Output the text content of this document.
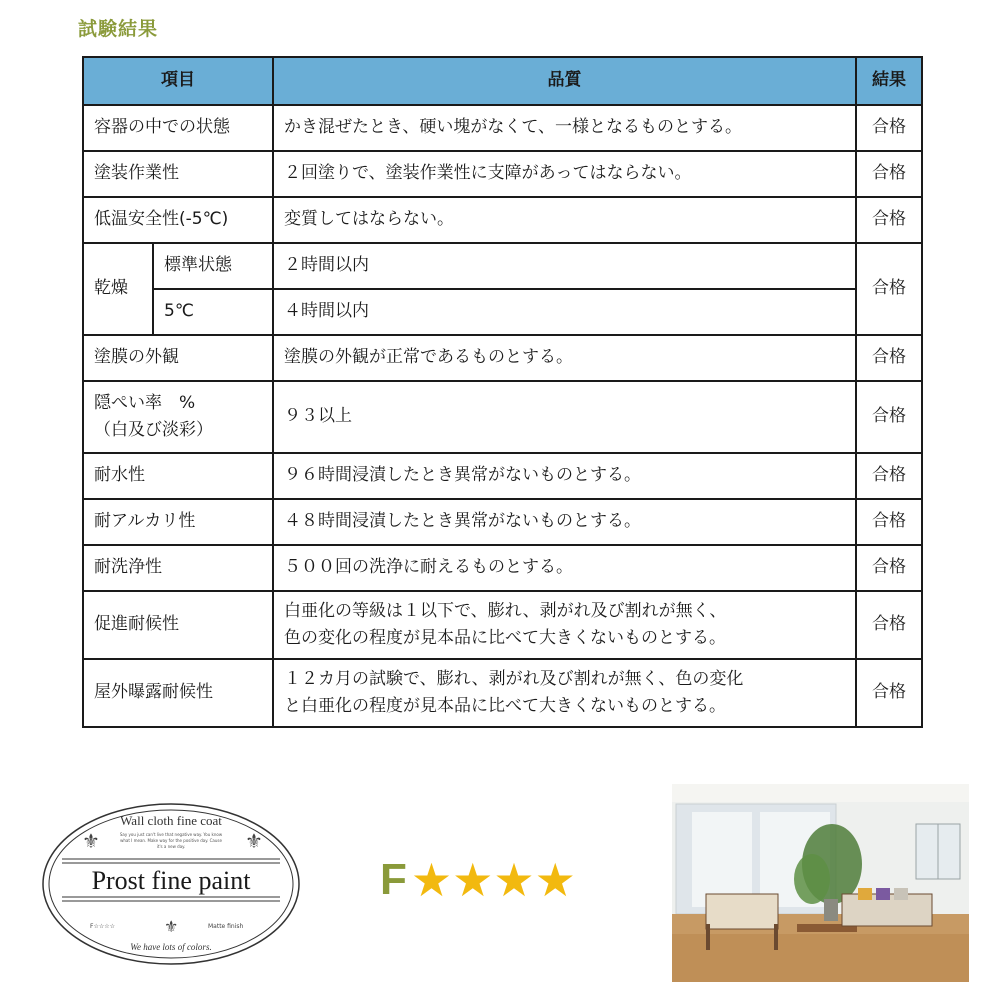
試験結果
項目		品質	結果
容器の中での状態		かき混ぜたとき、硬い塊がなくて、一様となるものとする。	合格
塗装作業性		２回塗りで、塗装作業性に支障があってはならない。	合格
低温安全性(-5℃)		変質してはならない。	合格
乾燥	標準状態	２時間以内	合格
	5℃	４時間以内	
塗膜の外観		塗膜の外観が正常であるものとする。	合格

隠ぺい率　%
（白及び淡彩）		９３以上	合格
耐水性		９６時間浸漬したとき異常がないものとする。	合格
耐アルカリ性		４８時間浸漬したとき異常がないものとする。	合格
耐洗浄性		５００回の洗浄に耐えるものとする。	合格
促進耐候性		白亜化の等級は１以下で、膨れ、剥がれ及び割れが無く、
色の変化の程度が見本品に比べて大きくないものとする。	合格
屋外曝露耐候性		１２カ月の試験で、膨れ、剥がれ及び割れが無く、色の変化
と白亜化の程度が見本品に比べて大きくないものとする。	合格
Wall cloth fine coat
⚜	⚜
Say you just can't live that negative way. You know
what I mean. Make way for the positive day. Cause
it's a new day.
Prost fine paint
F☆☆☆☆	⚜	Matte finish
We have lots of colors.
F ★★★★
